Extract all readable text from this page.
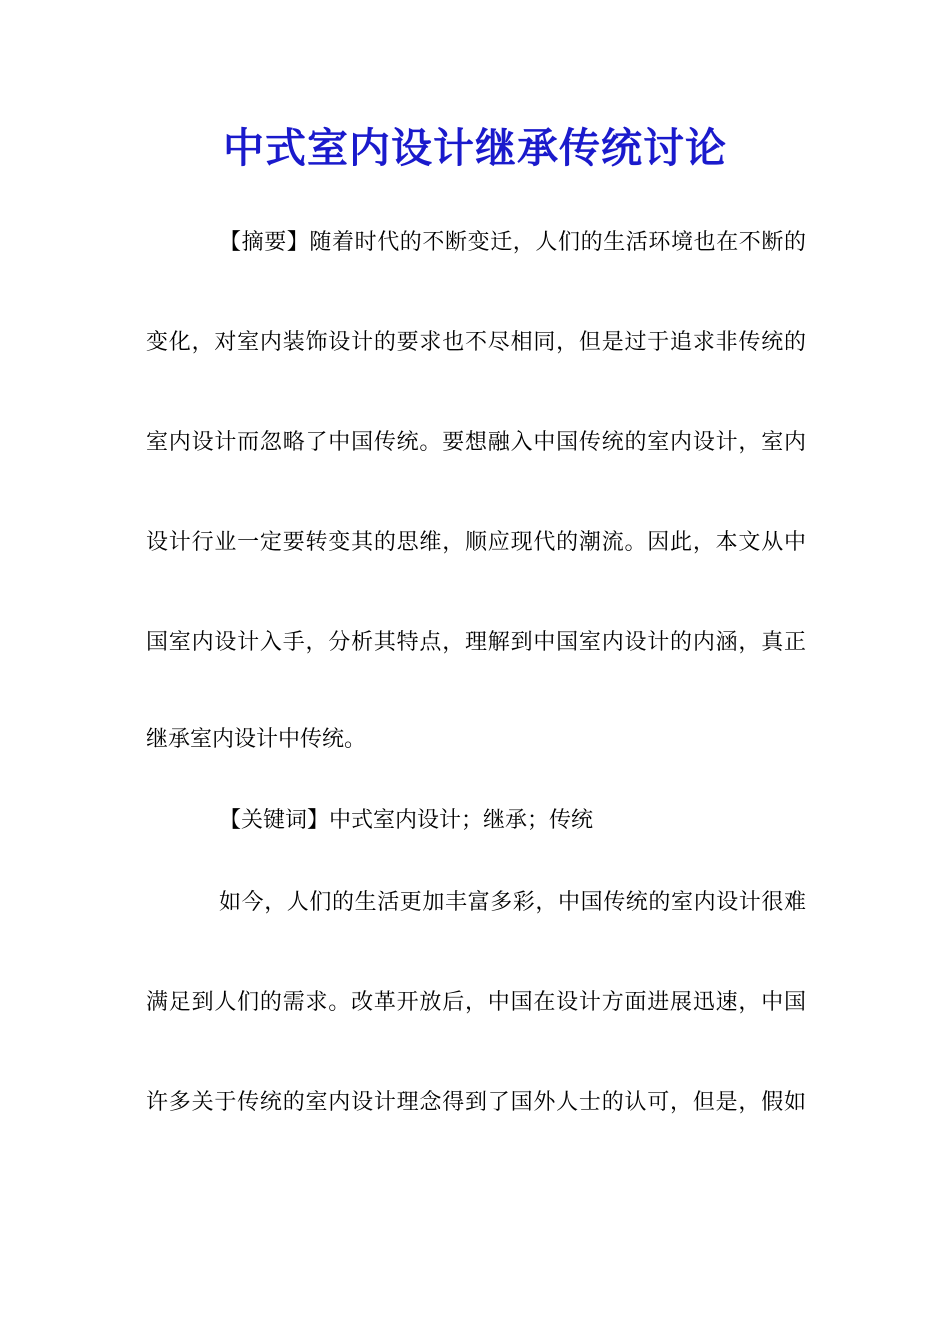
中式室内设计继承传统讨论
【摘要】随着时代的不断变迁，人们的生活环境也在不断的
变化，对室内装饰设计的要求也不尽相同，但是过于追求非传统的
室内设计而忽略了中国传统。要想融入中国传统的室内设计，室内
设计行业一定要转变其的思维，顺应现代的潮流。因此，本文从中
国室内设计入手，分析其特点，理解到中国室内设计的内涵，真正
继承室内设计中传统。
【关键词】中式室内设计；继承；传统
如今，人们的生活更加丰富多彩，中国传统的室内设计很难
满足到人们的需求。改革开放后，中国在设计方面进展迅速，中国
许多关于传统的室内设计理念得到了国外人士的认可，但是，假如
